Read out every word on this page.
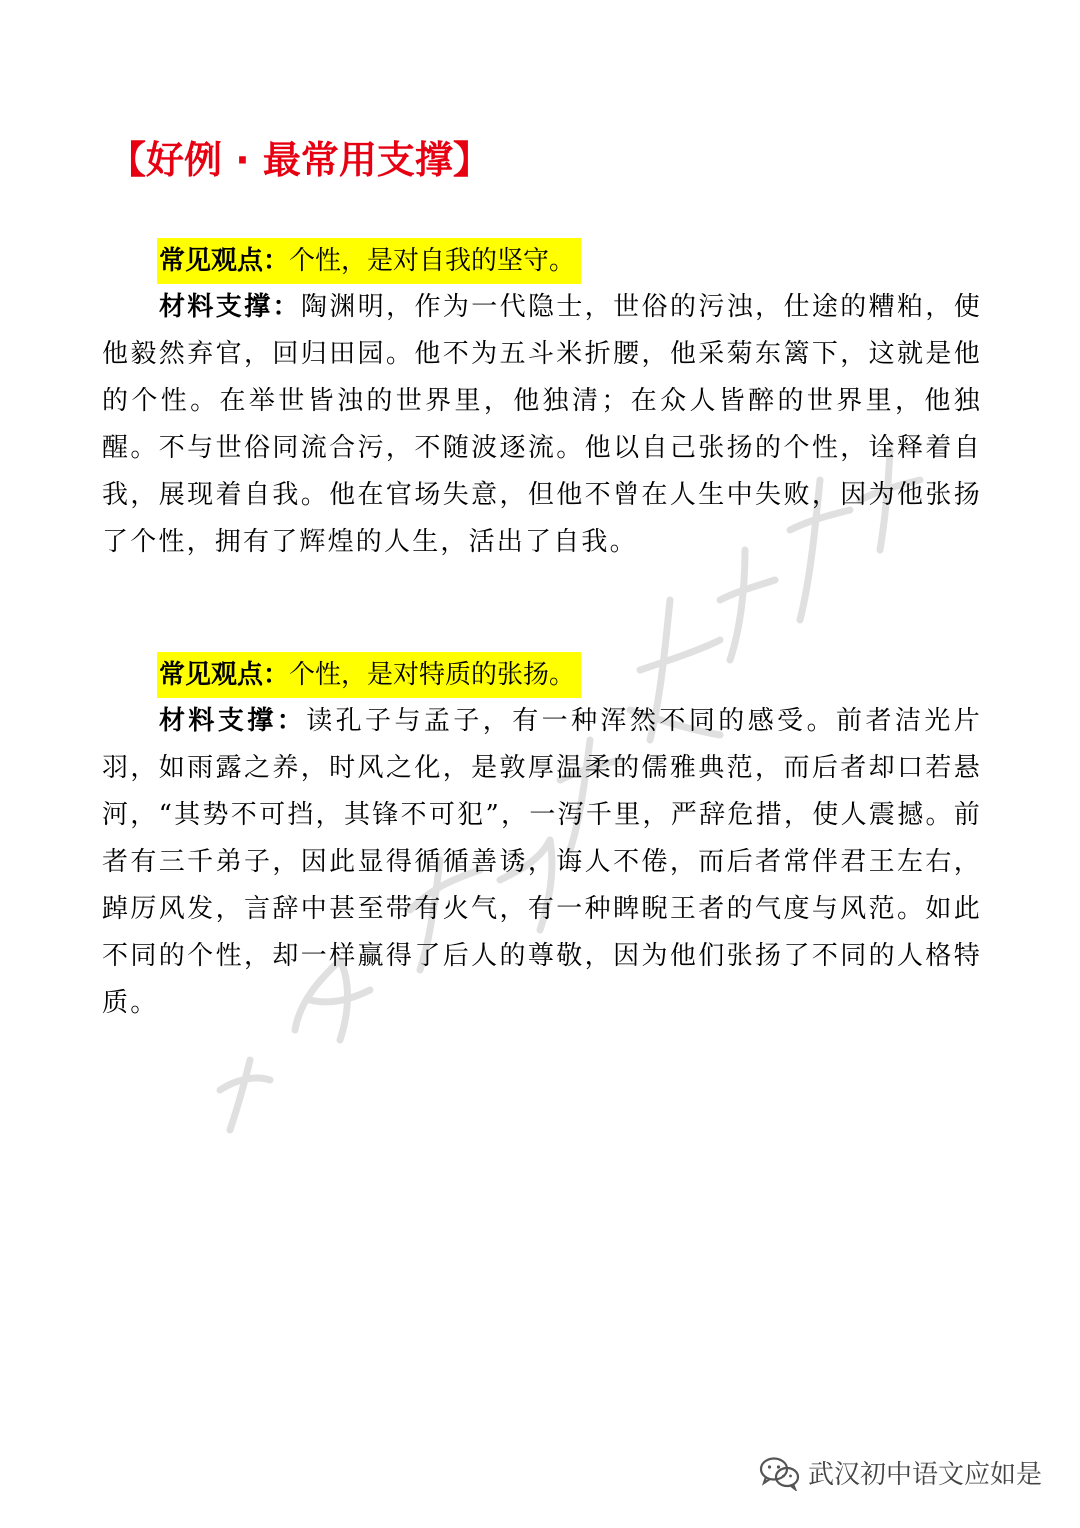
【好例 · 最常用支撑】
常见观点：个性，是对自我的坚守。

材料支撑：陶渊明，作为一代隐士，世俗的污浊，仕途的糟粕，使他毅然弃官，回归田园。他不为五斗米折腰，他采菊东篱下，这就是他的个性。在举世皆浊的世界里，他独清；在众人皆醉的世界里，他独醒。不与世俗同流合污，不随波逐流。他以自己张扬的个性，诠释着自我，展现着自我。他在官场失意，但他不曾在人生中失败，因为他张扬了个性，拥有了辉煌的人生，活出了自我。

常见观点：个性，是对特质的张扬。

材料支撑：读孔子与孟子，有一种浑然不同的感受。前者洁光片羽，如雨露之养，时风之化，是敦厚温柔的儒雅典范，而后者却口若悬河，“其势不可挡，其锋不可犯”，一泻千里，严辞危措，使人震撼。前者有三千弟子，因此显得循循善诱，诲人不倦，而后者常伴君王左右，踔厉风发，言辞中甚至带有火气，有一种睥睨王者的气度与风范。如此不同的个性，却一样赢得了后人的尊敬，因为他们张扬了不同的人格特质。

武汉初中语文应如是
